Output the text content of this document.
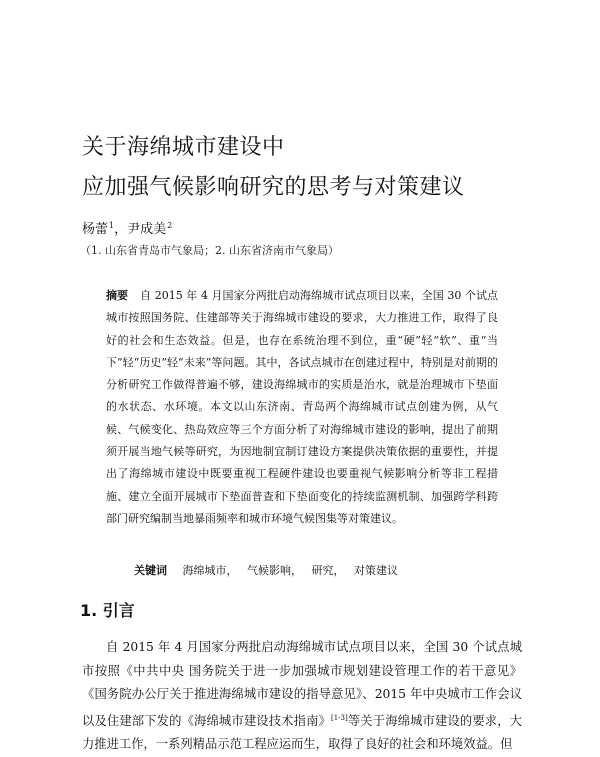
关于海绵城市建设中
应加强气候影响研究的思考与对策建议
杨蕾$^1$，尹成美$^2$
（1. 山东省青岛市气象局；2. 山东省济南市气象局）
摘要 自 2015 年 4 月国家分两批启动海绵城市试点项目以来，全国 30 个试点城市按照国务院、住建部等关于海绵城市建设的要求，大力推进工作，取得了良好的社会和生态效益。但是，也存在系统治理不到位，重“硬”轻“软”、重“当下”轻“历史”轻“未来”等问题。其中，各试点城市在创建过程中，特别是对前期的分析研究工作做得普遍不够，建设海绵城市的实质是治水，就是治理城市下垫面的水状态、水环境。本文以山东济南、青岛两个海绵城市试点创建为例，从气候、气候变化、热岛效应等三个方面分析了对海绵城市建设的影响，提出了前期须开展当地气候等研究，为因地制宜制订建设方案提供决策依据的重要性，并提出了海绵城市建设中既要重视工程硬件建设也要重视气候影响分析等非工程措施、建立全面开展城市下垫面普查和下垫面变化的持续监测机制、加强跨学科跨部门研究编制当地暴雨频率和城市环境气候图集等对策建议。
关键词 海绵城市， 气候影响， 研究， 对策建议
1. 引言
自 2015 年 4 月国家分两批启动海绵城市试点项目以来，全国 30 个试点城市按照《中共中央 国务院关于进一步加强城市规划建设管理工作的若干意见》《国务院办公厅关于推进海绵城市建设的指导意见》、2015 年中央城市工作会议以及住建部下发的《海绵城市建设技术指南》[1-3]等关于海绵城市建设的要求，大力推进工作，一系列精品示范工程应运而生，取得了良好的社会和环境效益。但
